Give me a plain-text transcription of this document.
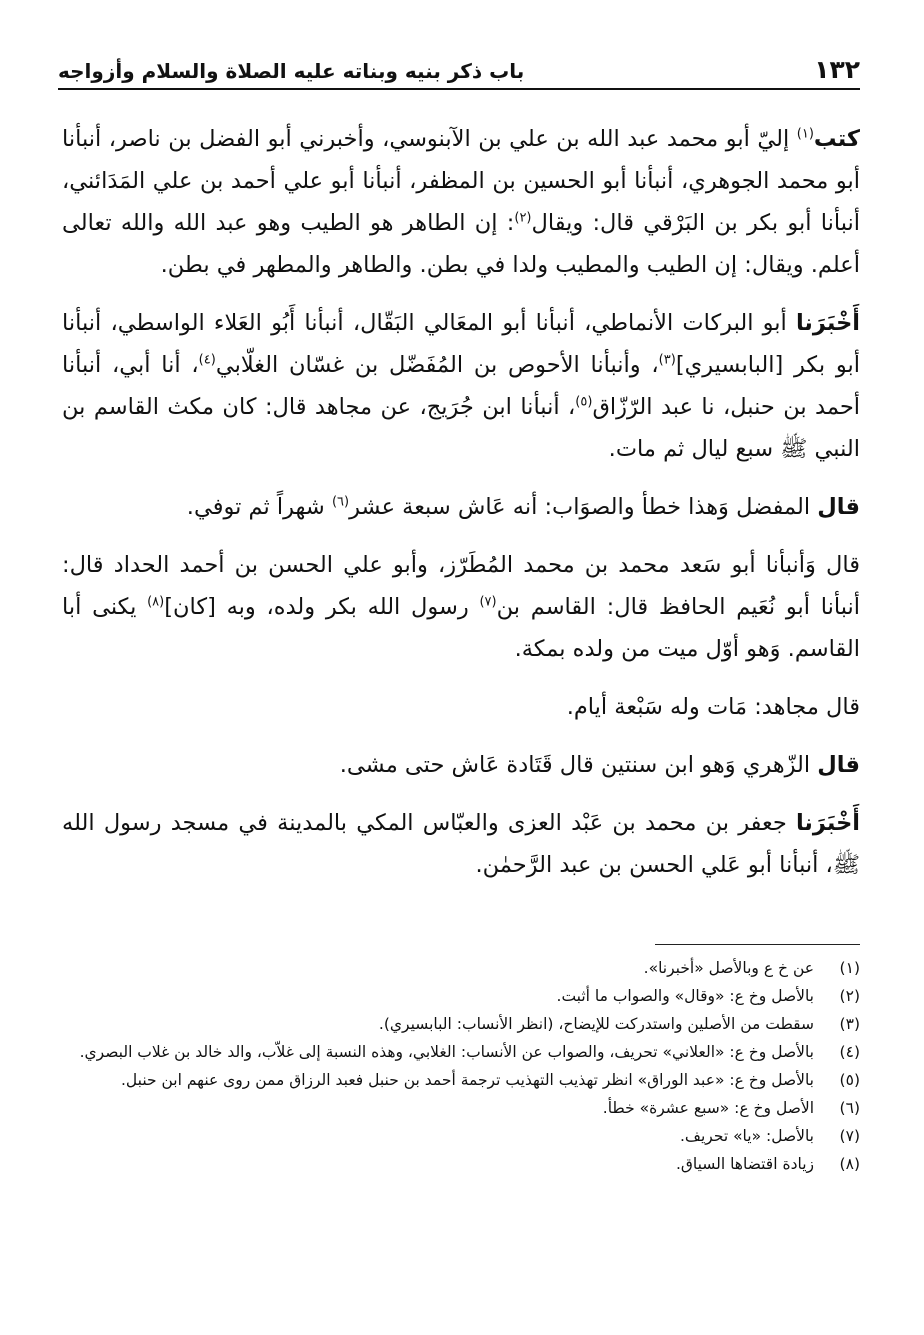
١٣٢
باب ذكر بنيه وبناته عليه الصلاة والسلام وأزواجه

كتب$^{(١)}$ إليّ أبو محمد عبد الله بن علي بن الآبنوسي، وأخبرني أبو الفضل بن ناصر، أنبأنا أبو محمد الجوهري، أنبأنا أبو الحسين بن المظفر، أنبأنا أبو علي أحمد بن علي المَدَائني، أنبأنا أبو بكر بن البَرْقي قال: ويقال$^{(٢)}$: إن الطاهر هو الطيب وهو عبد الله والله تعالى أعلم. ويقال: إن الطيب والمطيب ولدا في بطن. والطاهر والمطهر في بطن.

أَخْبَرَنا أبو البركات الأنماطي، أنبأنا أبو المعَالي البَقّال، أنبأنا أَبُو العَلاء الواسطي، أنبأنا أبو بكر [البابسيري]$^{(٣)}$، وأنبأنا الأحوص بن المُفَضّل بن غسّان الغلّابي$^{(٤)}$، أنا أبي، أنبأنا أحمد بن حنبل، نا عبد الرّزّاق$^{(٥)}$، أنبأنا ابن جُرَيج، عن مجاهد قال: كان مكث القاسم بن النبي ﷺ سبع ليال ثم مات.

قال المفضل وَهذا خطأ والصوَاب: أنه عَاش سبعة عشر$^{(٦)}$ شهراً ثم توفي.

قال وَأنبأنا أبو سَعد محمد بن محمد المُطَرّز، وأبو علي الحسن بن أحمد الحداد قال: أنبأنا أبو نُعَيم الحافظ قال: القاسم بن$^{(٧)}$ رسول الله بكر ولده، وبه [كان]$^{(٨)}$ يكنى أبا القاسم. وَهو أوّل ميت من ولده بمكة.

قال مجاهد: مَات وله سَبْعة أيام.

قال الزّهري وَهو ابن سنتين قال قَتَادة عَاش حتى مشى.

أَخْبَرَنا جعفر بن محمد بن عَبْد العزى والعبّاس المكي بالمدينة في مسجد رسول الله ﷺ، أنبأنا أبو عَلي الحسن بن عبد الرَّحمٰن.

(١)
عن خ ع وبالأصل «أخبرنا».
(٢)
بالأصل وخ ع: «وقال» والصواب ما أثبت.
(٣)
سقطت من الأصلين واستدركت للإيضاح، (انظر الأنساب: البابسيري).
(٤)
بالأصل وخ ع: «العلاني» تحريف، والصواب عن الأنساب: الغلابي، وهذه النسبة إلى غلاّب، والد خالد بن غلاب البصري.
(٥)
بالأصل وخ ع: «عبد الوراق» انظر تهذيب التهذيب ترجمة أحمد بن حنبل فعبد الرزاق ممن روى عنهم ابن حنبل.
(٦)
الأصل وخ ع: «سبع عشرة» خطأ.
(٧)
بالأصل: «يا» تحريف.
(٨)
زيادة اقتضاها السياق.
